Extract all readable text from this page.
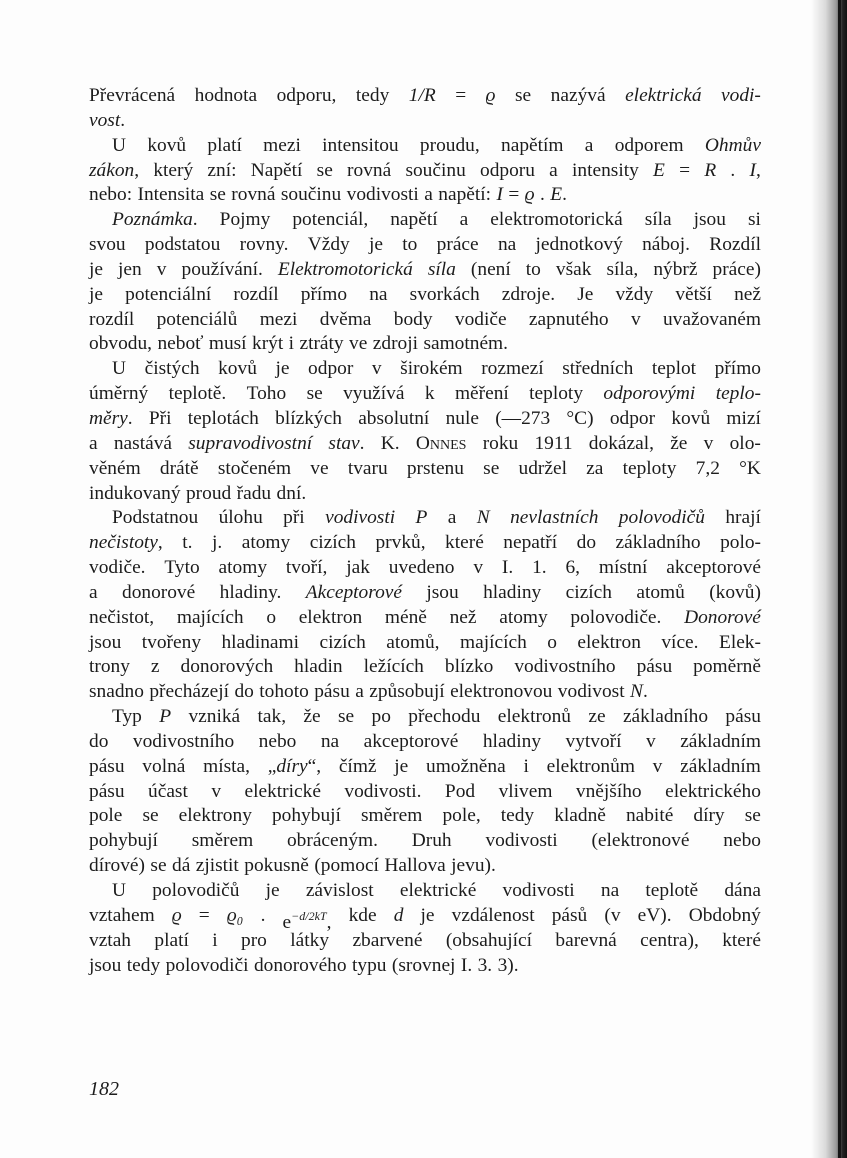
Převrácená hodnota odporu, tedy 1/R = ϱ se nazývá elektrická vodi-
vost.
U kovů platí mezi intensitou proudu, napětím a odporem Ohmův
zákon, který zní: Napětí se rovná součinu odporu a intensity E = R . I,
nebo: Intensita se rovná součinu vodivosti a napětí: I = ϱ . E.
Poznámka. Pojmy potenciál, napětí a elektromotorická síla jsou si
svou podstatou rovny. Vždy je to práce na jednotkový náboj. Rozdíl
je jen v používání. Elektromotorická síla (není to však síla, nýbrž práce)
je potenciální rozdíl přímo na svorkách zdroje. Je vždy větší než
rozdíl potenciálů mezi dvěma body vodiče zapnutého v uvažovaném
obvodu, neboť musí krýt i ztráty ve zdroji samotném.
U čistých kovů je odpor v širokém rozmezí středních teplot přímo
úměrný teplotě. Toho se využívá k měření teploty odporovými teplo-
měry. Při teplotách blízkých absolutní nule (—273 °C) odpor kovů mizí
a nastává supravodivostní stav. K. Onnes roku 1911 dokázal, že v olo-
věném drátě stočeném ve tvaru prstenu se udržel za teploty 7,2 °K
indukovaný proud řadu dní.
Podstatnou úlohu při vodivosti P a N nevlastních polovodičů hrají
nečistoty, t. j. atomy cizích prvků, které nepatří do základního polo-
vodiče. Tyto atomy tvoří, jak uvedeno v I. 1. 6, místní akceptorové
a donorové hladiny. Akceptorové jsou hladiny cizích atomů (kovů)
nečistot, majících o elektron méně než atomy polovodiče. Donorové
jsou tvořeny hladinami cizích atomů, majících o elektron více. Elek-
trony z donorových hladin ležících blízko vodivostního pásu poměrně
snadno přecházejí do tohoto pásu a způsobují elektronovou vodivost N.
Typ P vzniká tak, že se po přechodu elektronů ze základního pásu
do vodivostního nebo na akceptorové hladiny vytvoří v základním
pásu volná místa, „díry“, čímž je umožněna i elektronům v základním
pásu účast v elektrické vodivosti. Pod vlivem vnějšího elektrického
pole se elektrony pohybují směrem pole, tedy kladně nabité díry se
pohybují směrem obráceným. Druh vodivosti (elektronové nebo
dírové) se dá zjistit pokusně (pomocí Hallova jevu).
U polovodičů je závislost elektrické vodivosti na teplotě dána
vztahem ϱ = ϱ₀ . $e^{-d/2kT}$, kde d je vzdálenost pásů (v eV). Obdobný
vztah platí i pro látky zbarvené (obsahující barevná centra), které
jsou tedy polovodiči donorového typu (srovnej I. 3. 3).
182
